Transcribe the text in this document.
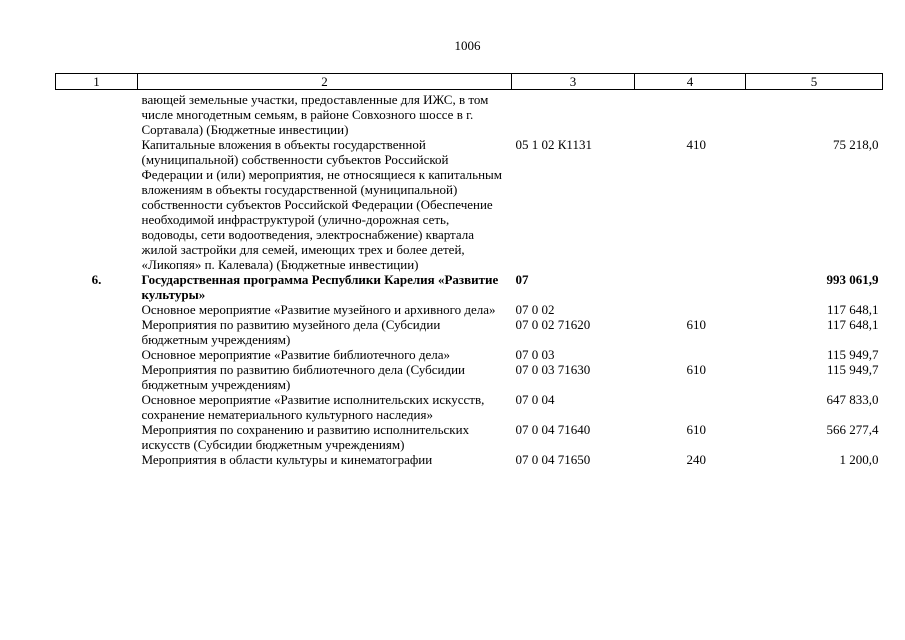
1006
1	2	3	4	5
	вающей земельные участки, предоставленные для ИЖС, в том числе многодетным семьям, в районе Совхозного шоссе в г. Сортавала) (Бюджетные инвестиции)			
	Капитальные вложения в объекты государственной (муниципальной) собственности субъектов Российской Федерации и (или) мероприятия, не относящиеся к капитальным вложениям в объекты государственной (муниципальной) собственности субъектов Российской Федерации (Обеспечение необходимой инфраструктурой (улично-дорожная сеть, водоводы, сети водоотведения, электроснабжение) квартала жилой застройки для семей, имеющих трех и более детей, «Ликопяя» п. Калевала) (Бюджетные инвестиции)	05 1 02 К1131	410	75 218,0
6.	Государственная программа Республики Карелия «Развитие культуры»	07		993 061,9
	Основное мероприятие «Развитие музейного и архивного дела»	07 0 02		117 648,1
	Мероприятия по развитию музейного дела (Субсидии бюджетным учреждениям)	07 0 02 71620	610	117 648,1
	Основное мероприятие «Развитие библиотечного дела»	07 0 03		115 949,7
	Мероприятия по развитию библиотечного дела (Субсидии бюджетным учреждениям)	07 0 03 71630	610	115 949,7
	Основное мероприятие «Развитие исполнительских искусств, сохранение нематериального культурного наследия»	07 0 04		647 833,0
	Мероприятия по сохранению и развитию исполнительских искусств (Субсидии бюджетным учреждениям)	07 0 04 71640	610	566 277,4
	Мероприятия в области культуры и кинематографии	07 0 04 71650	240	1 200,0
